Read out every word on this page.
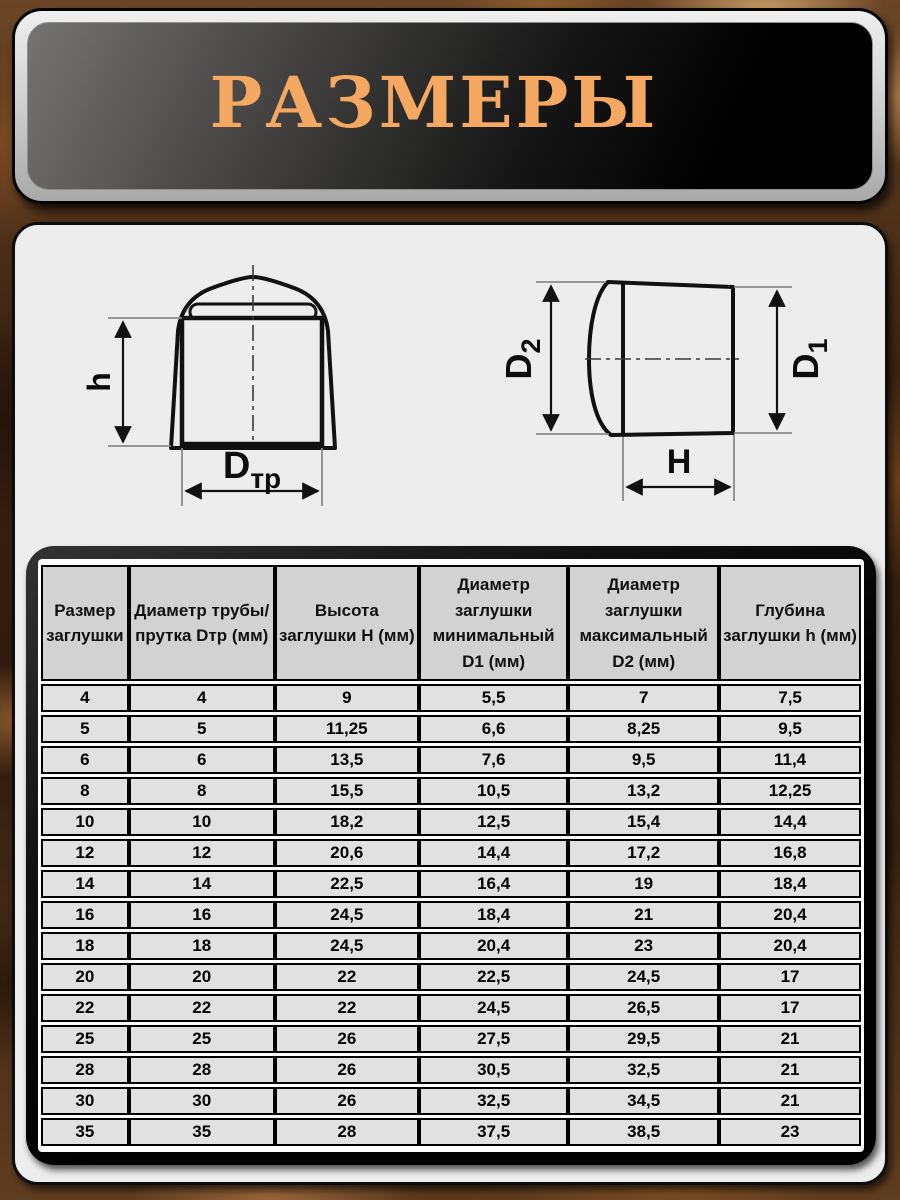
РАЗМЕРЫ
h
Dтр
D2
D1
H
Размер заглушки	Диаметр трубы/прутка Dтр (мм)	Высота заглушки H (мм)	Диаметр заглушки минимальный D1 (мм)	Диаметр заглушки максимальный D2 (мм)	Глубина заглушки h (мм)
4	4	9	5,5	7	7,5
5	5	11,25	6,6	8,25	9,5
6	6	13,5	7,6	9,5	11,4
8	8	15,5	10,5	13,2	12,25
10	10	18,2	12,5	15,4	14,4
12	12	20,6	14,4	17,2	16,8
14	14	22,5	16,4	19	18,4
16	16	24,5	18,4	21	20,4
18	18	24,5	20,4	23	20,4
20	20	22	22,5	24,5	17
22	22	22	24,5	26,5	17
25	25	26	27,5	29,5	21
28	28	26	30,5	32,5	21
30	30	26	32,5	34,5	21
35	35	28	37,5	38,5	23
